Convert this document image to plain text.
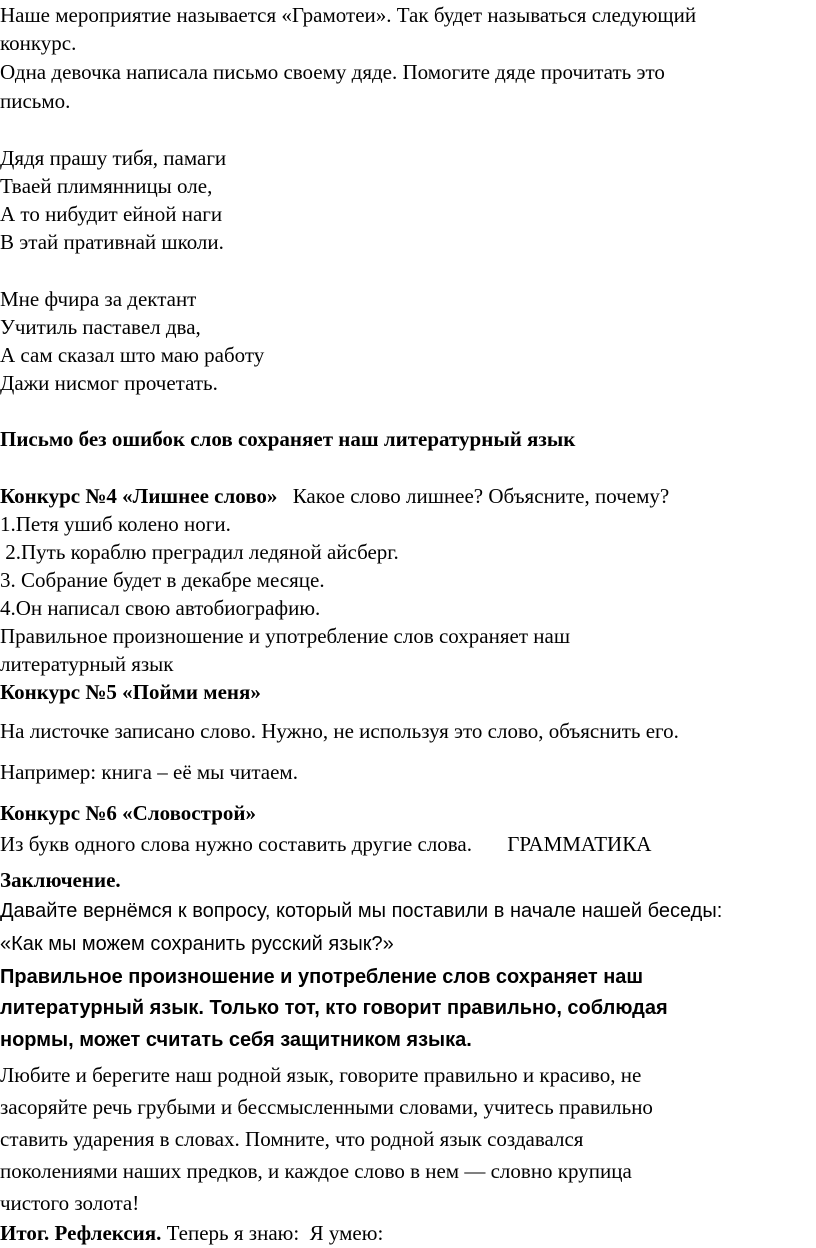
Наше мероприятие называется «Грамотеи». Так будет называться следующий
конкурс.
Одна девочка написала письмо своему дяде. Помогите дяде прочитать это
письмо.
Дядя прашу тибя, памаги
Твaей плимянницы оле,
А то нибудит ейной наги
В этай пративнай школи.
Мне фчира за дектант
Учитиль паставел два,
А сам сказал што маю работу
Дажи нисмог прочетать.
Письмо без ошибок слов сохраняет наш литературный язык
Конкурс №4 «Лишнее слово» Какое слово лишнее? Объясните, почему?
1.Петя ушиб колено ноги.
2.Путь кораблю преградил ледяной айсберг.
3. Собрание будет в декабре месяце.
4.Он написал свою автобиографию.
Правильное произношение и употребление слов сохраняет наш
литературный язык
Конкурс №5 «Пойми меня»
На листочке записано слово. Нужно, не используя это слово, объяснить его.
Например: книга – её мы читаем.
Конкурс №6 «Словострой»
Из букв одного слова нужно составить другие слова. ГРАММАТИКА
Заключение.
Давайте вернёмся к вопросу, который мы поставили в начале нашей беседы:
«Как мы можем сохранить русский язык?»
Правильное произношение и употребление слов сохраняет наш
литературный язык. Только тот, кто говорит правильно, соблюдая
нормы, может считать себя защитником языка.
Любите и берегите наш родной язык, говорите правильно и красиво, не
засоряйте речь грубыми и бессмысленными словами, учитесь правильно
ставить ударения в словах. Помните, что родной язык создавался
поколениями наших предков, и каждое слово в нем — словно крупица
чистого золота!
Итог. Рефлексия. Теперь я знаю:  Я умею:
